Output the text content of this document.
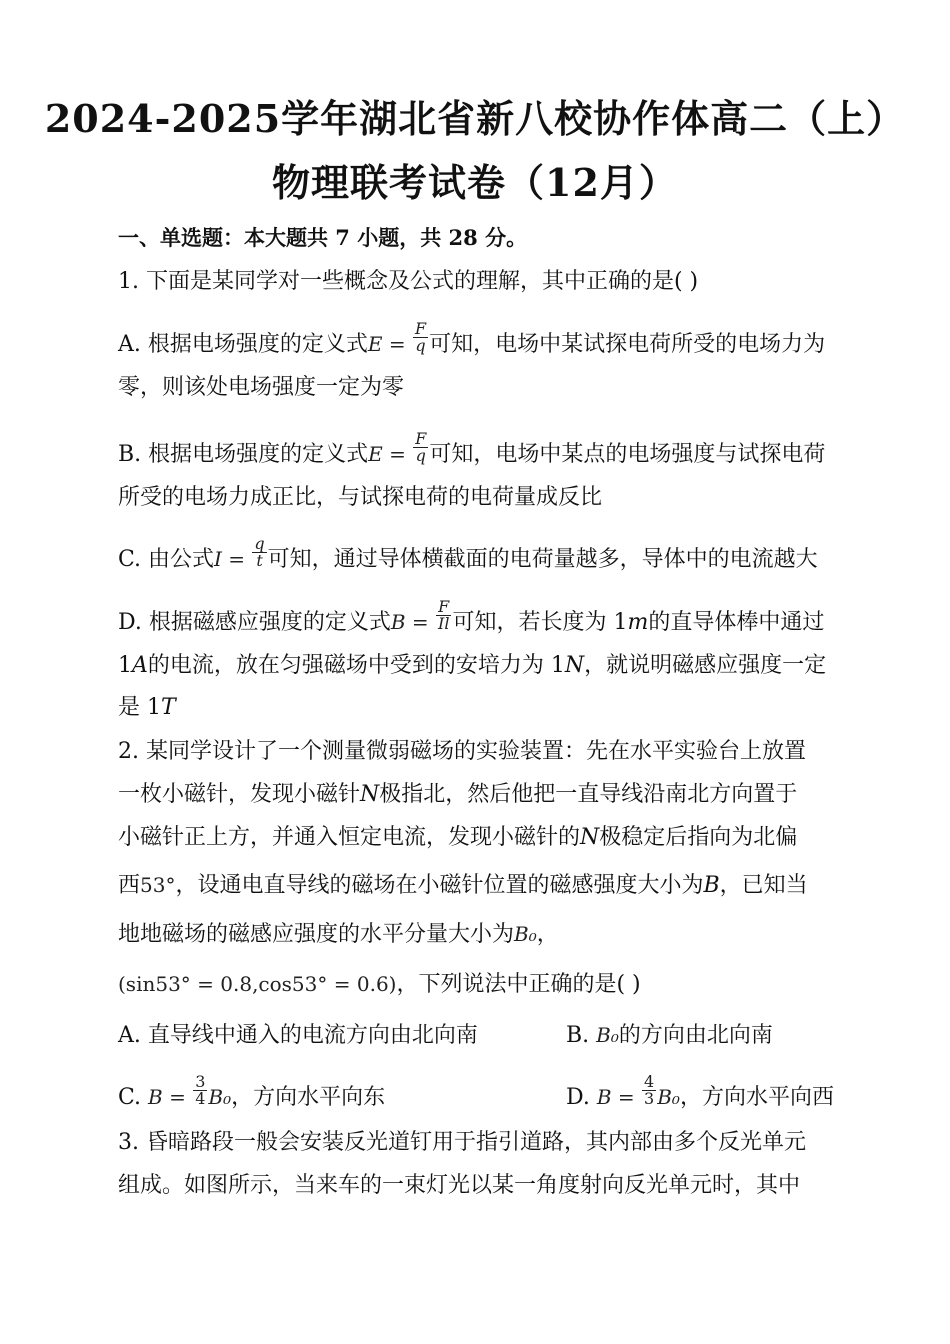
2024-2025学年湖北省新八校协作体高二（上）
物理联考试卷（12月）
一、单选题：本大题共 7 小题，共 28 分。
1. 下面是某同学对一些概念及公式的理解，其中正确的是( )
A. 根据电场强度的定义式$E = \frac{F}{q}$ 可知，电场中某试探电荷所受的电场力为
零，则该处电场强度一定为零
B. 根据电场强度的定义式$E = \frac{F}{q}$ 可知，电场中某点的电场强度与试探电荷
所受的电场力成正比，与试探电荷的电荷量成反比
C. 由公式$I = \frac{q}{t}$ 可知，通过导体横截面的电荷量越多，导体中的电流越大
D. 根据磁感应强度的定义式$B = \frac{F}{Il}$ 可知，若长度为 1m的直导体棒中通过
1A的电流，放在匀强磁场中受到的安培力为 1N，就说明磁感应强度一定
是 1T
2. 某同学设计了一个测量微弱磁场的实验装置：先在水平实验台上放置
一枚小磁针，发现小磁针N极指北，然后他把一直导线沿南北方向置于
小磁针正上方，并通入恒定电流，发现小磁针的N极稳定后指向为北偏
西53°，设通电直导线的磁场在小磁针位置的磁感强度大小为B，已知当
地地磁场的磁感应强度的水平分量大小为B₀，
(sin53° = 0.8,cos53° = 0.6)，下列说法中正确的是( )
A. 直导线中通入的电流方向由北向南	B. B₀的方向由北向南
C. $B = \frac{3}{4} B_0$，方向水平向东	D. $B = \frac{4}{3} B_0$，方向水平向西
3. 昏暗路段一般会安装反光道钉用于指引道路，其内部由多个反光单元
组成。如图所示，当来车的一束灯光以某一角度射向反光单元时，其中
